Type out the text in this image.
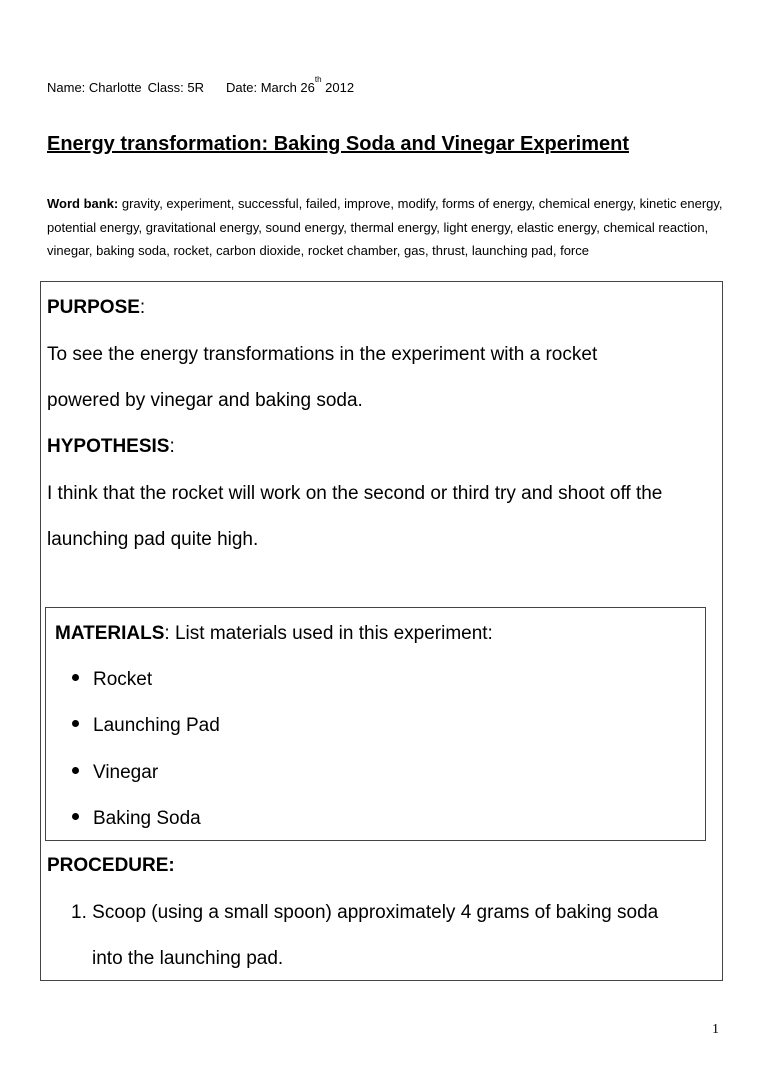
Name: Charlotte Class: 5R Date: March 26th 2012
Energy transformation: Baking Soda and Vinegar Experiment
Word bank: gravity, experiment, successful, failed, improve, modify, forms of energy, chemical energy, kinetic energy, potential energy, gravitational energy, sound energy, thermal energy, light energy, elastic energy, chemical reaction, vinegar, baking soda, rocket, carbon dioxide, rocket chamber, gas, thrust, launching pad, force
PURPOSE:
To see the energy transformations in the experiment with a rocket
powered by vinegar and baking soda.
HYPOTHESIS:
I think that the rocket will work on the second or third try and shoot off the
launching pad quite high.
MATERIALS: List materials used in this experiment:
Rocket
Launching Pad
Vinegar
Baking Soda
PROCEDURE:
1. Scoop (using a small spoon) approximately 4 grams of baking soda
into the launching pad.
1
